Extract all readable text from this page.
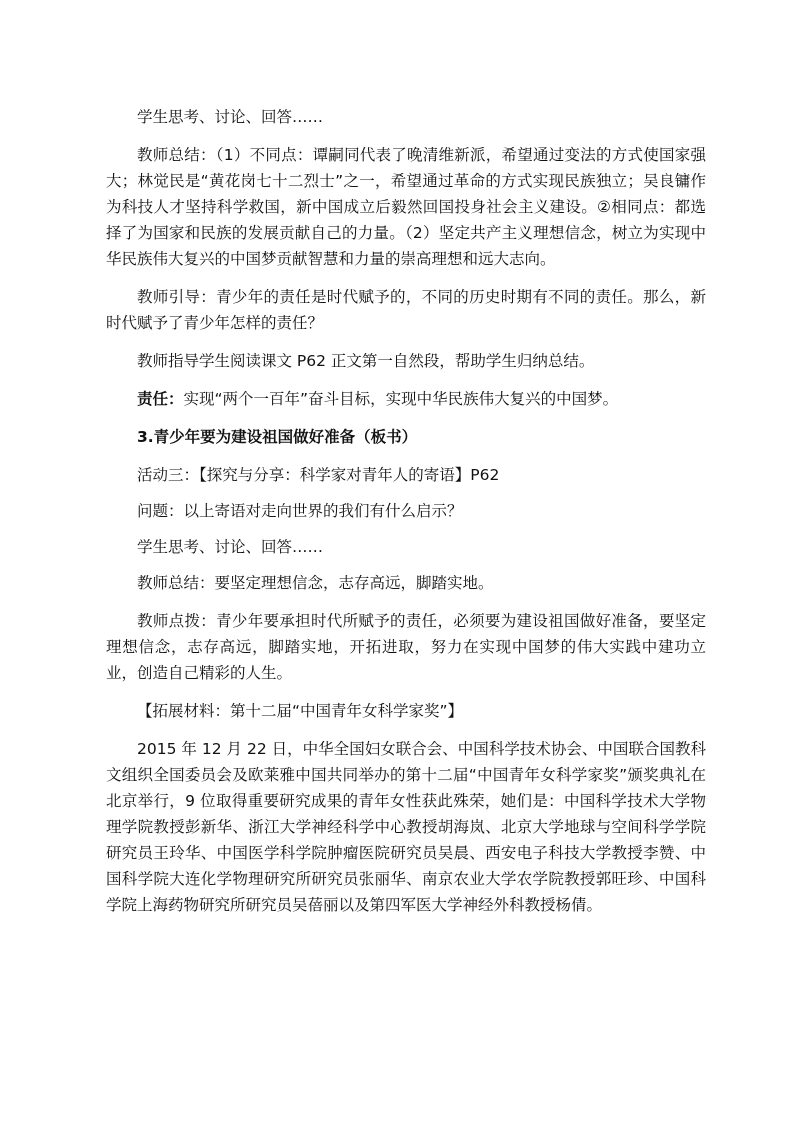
学生思考、讨论、回答……

教师总结：（1）不同点：谭嗣同代表了晚清维新派，希望通过变法的方式使国家强大；林觉民是“黄花岗七十二烈士”之一，希望通过革命的方式实现民族独立；吴良镛作为科技人才坚持科学救国，新中国成立后毅然回国投身社会主义建设。②相同点：都选择了为国家和民族的发展贡献自己的力量。（2）坚定共产主义理想信念，树立为实现中华民族伟大复兴的中国梦贡献智慧和力量的崇高理想和远大志向。

教师引导：青少年的责任是时代赋予的，不同的历史时期有不同的责任。那么，新时代赋予了青少年怎样的责任？

教师指导学生阅读课文 P62 正文第一自然段，帮助学生归纳总结。

责任：实现“两个一百年”奋斗目标，实现中华民族伟大复兴的中国梦。

3.青少年要为建设祖国做好准备（板书）

活动三：【探究与分享：科学家对青年人的寄语】P62

问题：以上寄语对走向世界的我们有什么启示？

学生思考、讨论、回答……

教师总结：要坚定理想信念，志存高远，脚踏实地。

教师点拨：青少年要承担时代所赋予的责任，必须要为建设祖国做好准备，要坚定理想信念，志存高远，脚踏实地，开拓进取，努力在实现中国梦的伟大实践中建功立业，创造自己精彩的人生。

【拓展材料：第十二届“中国青年女科学家奖”】

2015 年 12 月 22 日，中华全国妇女联合会、中国科学技术协会、中国联合国教科文组织全国委员会及欧莱雅中国共同举办的第十二届“中国青年女科学家奖”颁奖典礼在北京举行，9 位取得重要研究成果的青年女性获此殊荣，她们是：中国科学技术大学物理学院教授彭新华、浙江大学神经科学中心教授胡海岚、北京大学地球与空间科学学院研究员王玲华、中国医学科学院肿瘤医院研究员吴晨、西安电子科技大学教授李赞、中国科学院大连化学物理研究所研究员张丽华、南京农业大学农学院教授郭旺珍、中国科学院上海药物研究所研究员吴蓓丽以及第四军医大学神经外科教授杨倩。
